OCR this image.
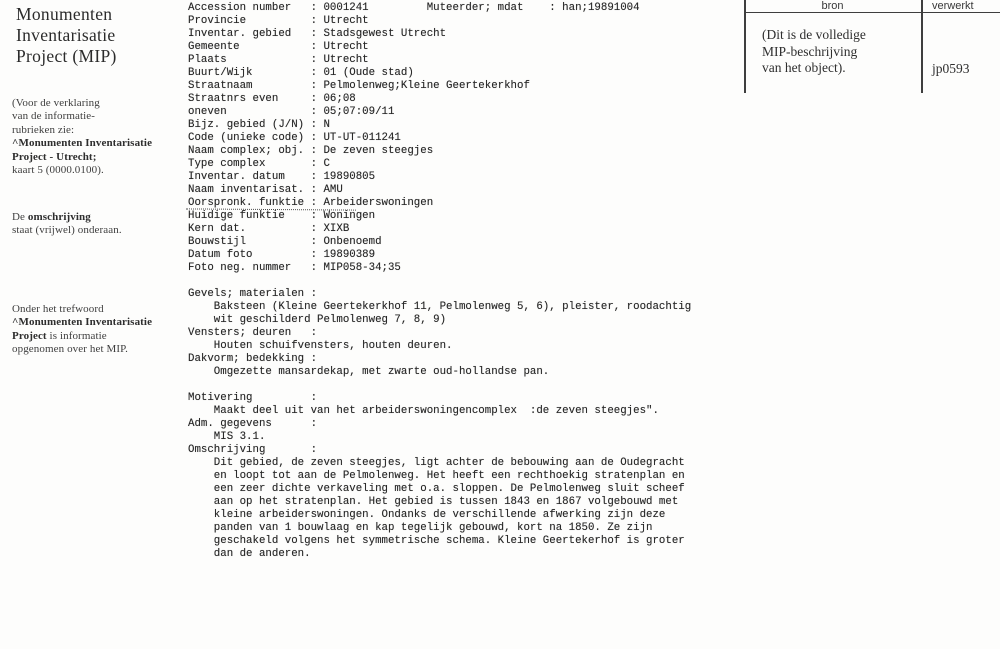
Monumenten
Inventarisatie
Project (MIP)
(Voor de verklaring
van de informatie-
rubrieken zie:
^Monumenten Inventarisatie
Project - Utrecht;
kaart 5 (0000.0100).
De omschrijving
staat (vrijwel) onderaan.
Onder het trefwoord
^Monumenten Inventarisatie
Project is informatie
opgenomen over het MIP.
Accession number   : 0001241         Muteerder; mdat    : han;19891004
Provincie          : Utrecht
Inventar. gebied   : Stadsgewest Utrecht
Gemeente           : Utrecht
Plaats             : Utrecht
Buurt/Wijk         : 01 (Oude stad)
Straatnaam         : Pelmolenweg;Kleine Geertekerkhof
Straatnrs even     : 06;08
oneven             : 05;07:09/11
Bijz. gebied (J/N) : N
Code (unieke code) : UT-UT-011241
Naam complex; obj. : De zeven steegjes
Type complex       : C
Inventar. datum    : 19890805
Naam inventarisat. : AMU
Oorspronk. funktie : Arbeiderswoningen
Huidige funktie    : Woningen
Kern dat.          : XIXB
Bouwstijl          : Onbenoemd
Datum foto         : 19890389
Foto neg. nummer   : MIP058-34;35
Gevels; materialen :
Baksteen (Kleine Geertekerkhof 11, Pelmolenweg 5, 6), pleister, roodachtig
wit geschilderd Pelmolenweg 7, 8, 9)
Vensters; deuren   :
Houten schuifvensters, houten deuren.
Dakvorm; bedekking :
Omgezette mansardekap, met zwarte oud-hollandse pan.
Motivering         :
Maakt deel uit van het arbeiderswoningencomplex  :de zeven steegjes".
Adm. gegevens      :
MIS 3.1.
Omschrijving       :
Dit gebied, de zeven steegjes, ligt achter de bebouwing aan de Oudegracht
en loopt tot aan de Pelmolenweg. Het heeft een rechthoekig stratenplan en
een zeer dichte verkaveling met o.a. sloppen. De Pelmolenweg sluit scheef
aan op het stratenplan. Het gebied is tussen 1843 en 1867 volgebouwd met
kleine arbeiderswoningen. Ondanks de verschillende afwerking zijn deze
panden van 1 bouwlaag en kap tegelijk gebouwd, kort na 1850. Ze zijn
geschakeld volgens het symmetrische schema. Kleine Geertekerhof is groter
dan de anderen.
bron	verwerkt
(Dit is de volledige
MIP-beschrijving
van het object).	jp0593
